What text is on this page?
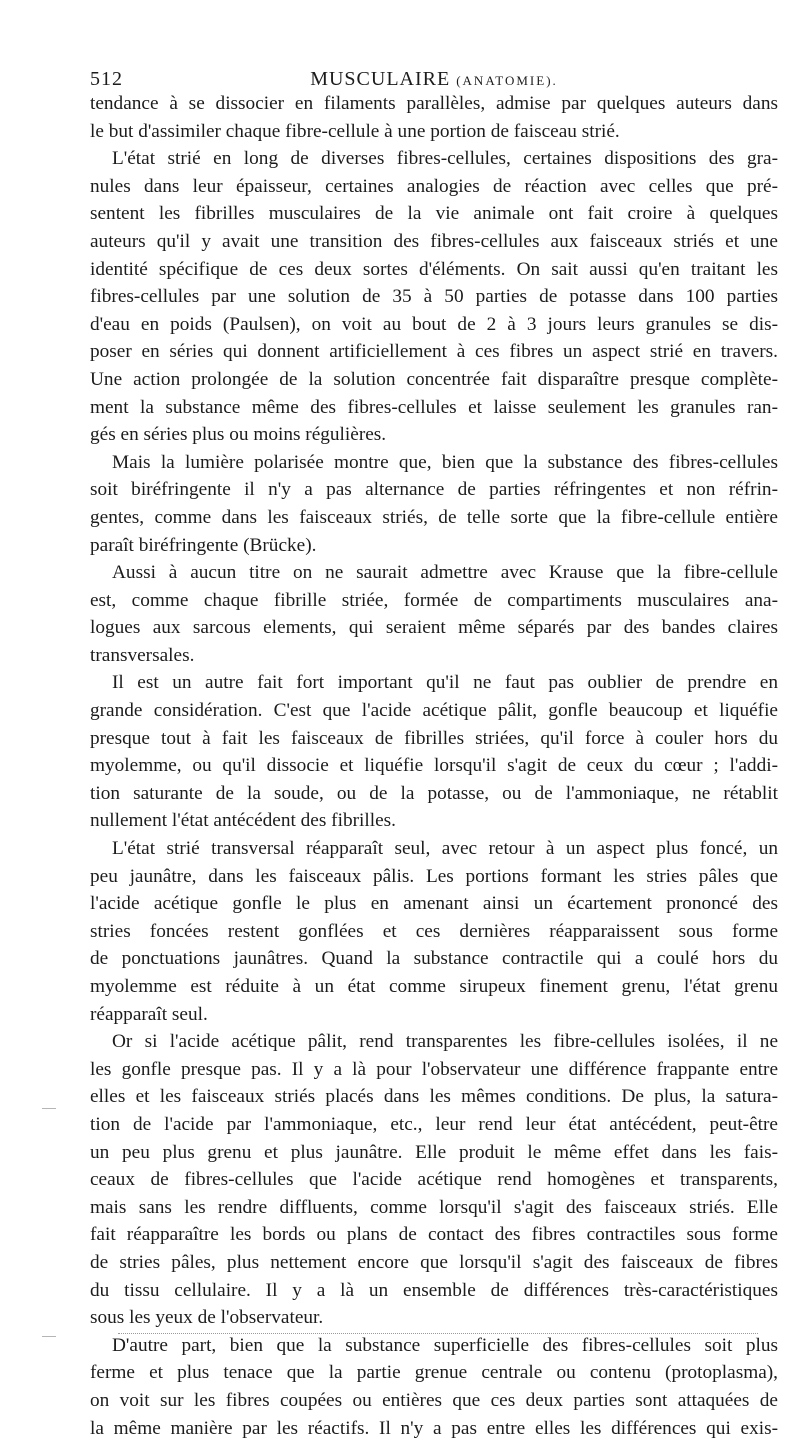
512	MUSCULAIRE (ANATOMIE).

tendance à se dissocier en filaments parallèles, admise par quelques auteurs dans

le but d'assimiler chaque fibre-cellule à une portion de faisceau strié.

L'état strié en long de diverses fibres-cellules, certaines dispositions des gra-

nules dans leur épaisseur, certaines analogies de réaction avec celles que pré-

sentent les fibrilles musculaires de la vie animale ont fait croire à quelques

auteurs qu'il y avait une transition des fibres-cellules aux faisceaux striés et une

identité spécifique de ces deux sortes d'éléments. On sait aussi qu'en traitant les

fibres-cellules par une solution de 35 à 50 parties de potasse dans 100 parties

d'eau en poids (Paulsen), on voit au bout de 2 à 3 jours leurs granules se dis-

poser en séries qui donnent artificiellement à ces fibres un aspect strié en travers.

Une action prolongée de la solution concentrée fait disparaître presque complète-

ment la substance même des fibres-cellules et laisse seulement les granules ran-

gés en séries plus ou moins régulières.

Mais la lumière polarisée montre que, bien que la substance des fibres-cellules

soit biréfringente il n'y a pas alternance de parties réfringentes et non réfrin-

gentes, comme dans les faisceaux striés, de telle sorte que la fibre-cellule entière

paraît biréfringente (Brücke).

Aussi à aucun titre on ne saurait admettre avec Krause que la fibre-cellule

est, comme chaque fibrille striée, formée de compartiments musculaires ana-

logues aux sarcous elements, qui seraient même séparés par des bandes claires

transversales.

Il est un autre fait fort important qu'il ne faut pas oublier de prendre en

grande considération. C'est que l'acide acétique pâlit, gonfle beaucoup et liquéfie

presque tout à fait les faisceaux de fibrilles striées, qu'il force à couler hors du

myolemme, ou qu'il dissocie et liquéfie lorsqu'il s'agit de ceux du cœur ; l'addi-

tion saturante de la soude, ou de la potasse, ou de l'ammoniaque, ne rétablit

nullement l'état antécédent des fibrilles.

L'état strié transversal réapparaît seul, avec retour à un aspect plus foncé, un

peu jaunâtre, dans les faisceaux pâlis. Les portions formant les stries pâles que

l'acide acétique gonfle le plus en amenant ainsi un écartement prononcé des

stries foncées restent gonflées et ces dernières réapparaissent sous forme

de ponctuations jaunâtres. Quand la substance contractile qui a coulé hors du

myolemme est réduite à un état comme sirupeux finement grenu, l'état grenu

réapparaît seul.

Or si l'acide acétique pâlit, rend transparentes les fibre-cellules isolées, il ne

les gonfle presque pas. Il y a là pour l'observateur une différence frappante entre

elles et les faisceaux striés placés dans les mêmes conditions. De plus, la satura-

tion de l'acide par l'ammoniaque, etc., leur rend leur état antécédent, peut-être

un peu plus grenu et plus jaunâtre. Elle produit le même effet dans les fais-

ceaux de fibres-cellules que l'acide acétique rend homogènes et transparents,

mais sans les rendre diffluents, comme lorsqu'il s'agit des faisceaux striés. Elle

fait réapparaître les bords ou plans de contact des fibres contractiles sous forme

de stries pâles, plus nettement encore que lorsqu'il s'agit des faisceaux de fibres

du tissu cellulaire. Il y a là un ensemble de différences très-caractéristiques

sous les yeux de l'observateur.

D'autre part, bien que la substance superficielle des fibres-cellules soit plus

ferme et plus tenace que la partie grenue centrale ou contenu (protoplasma),

on voit sur les fibres coupées ou entières que ces deux parties sont attaquées de

la même manière par les réactifs. Il n'y a pas entre elles les différences qui exis-
